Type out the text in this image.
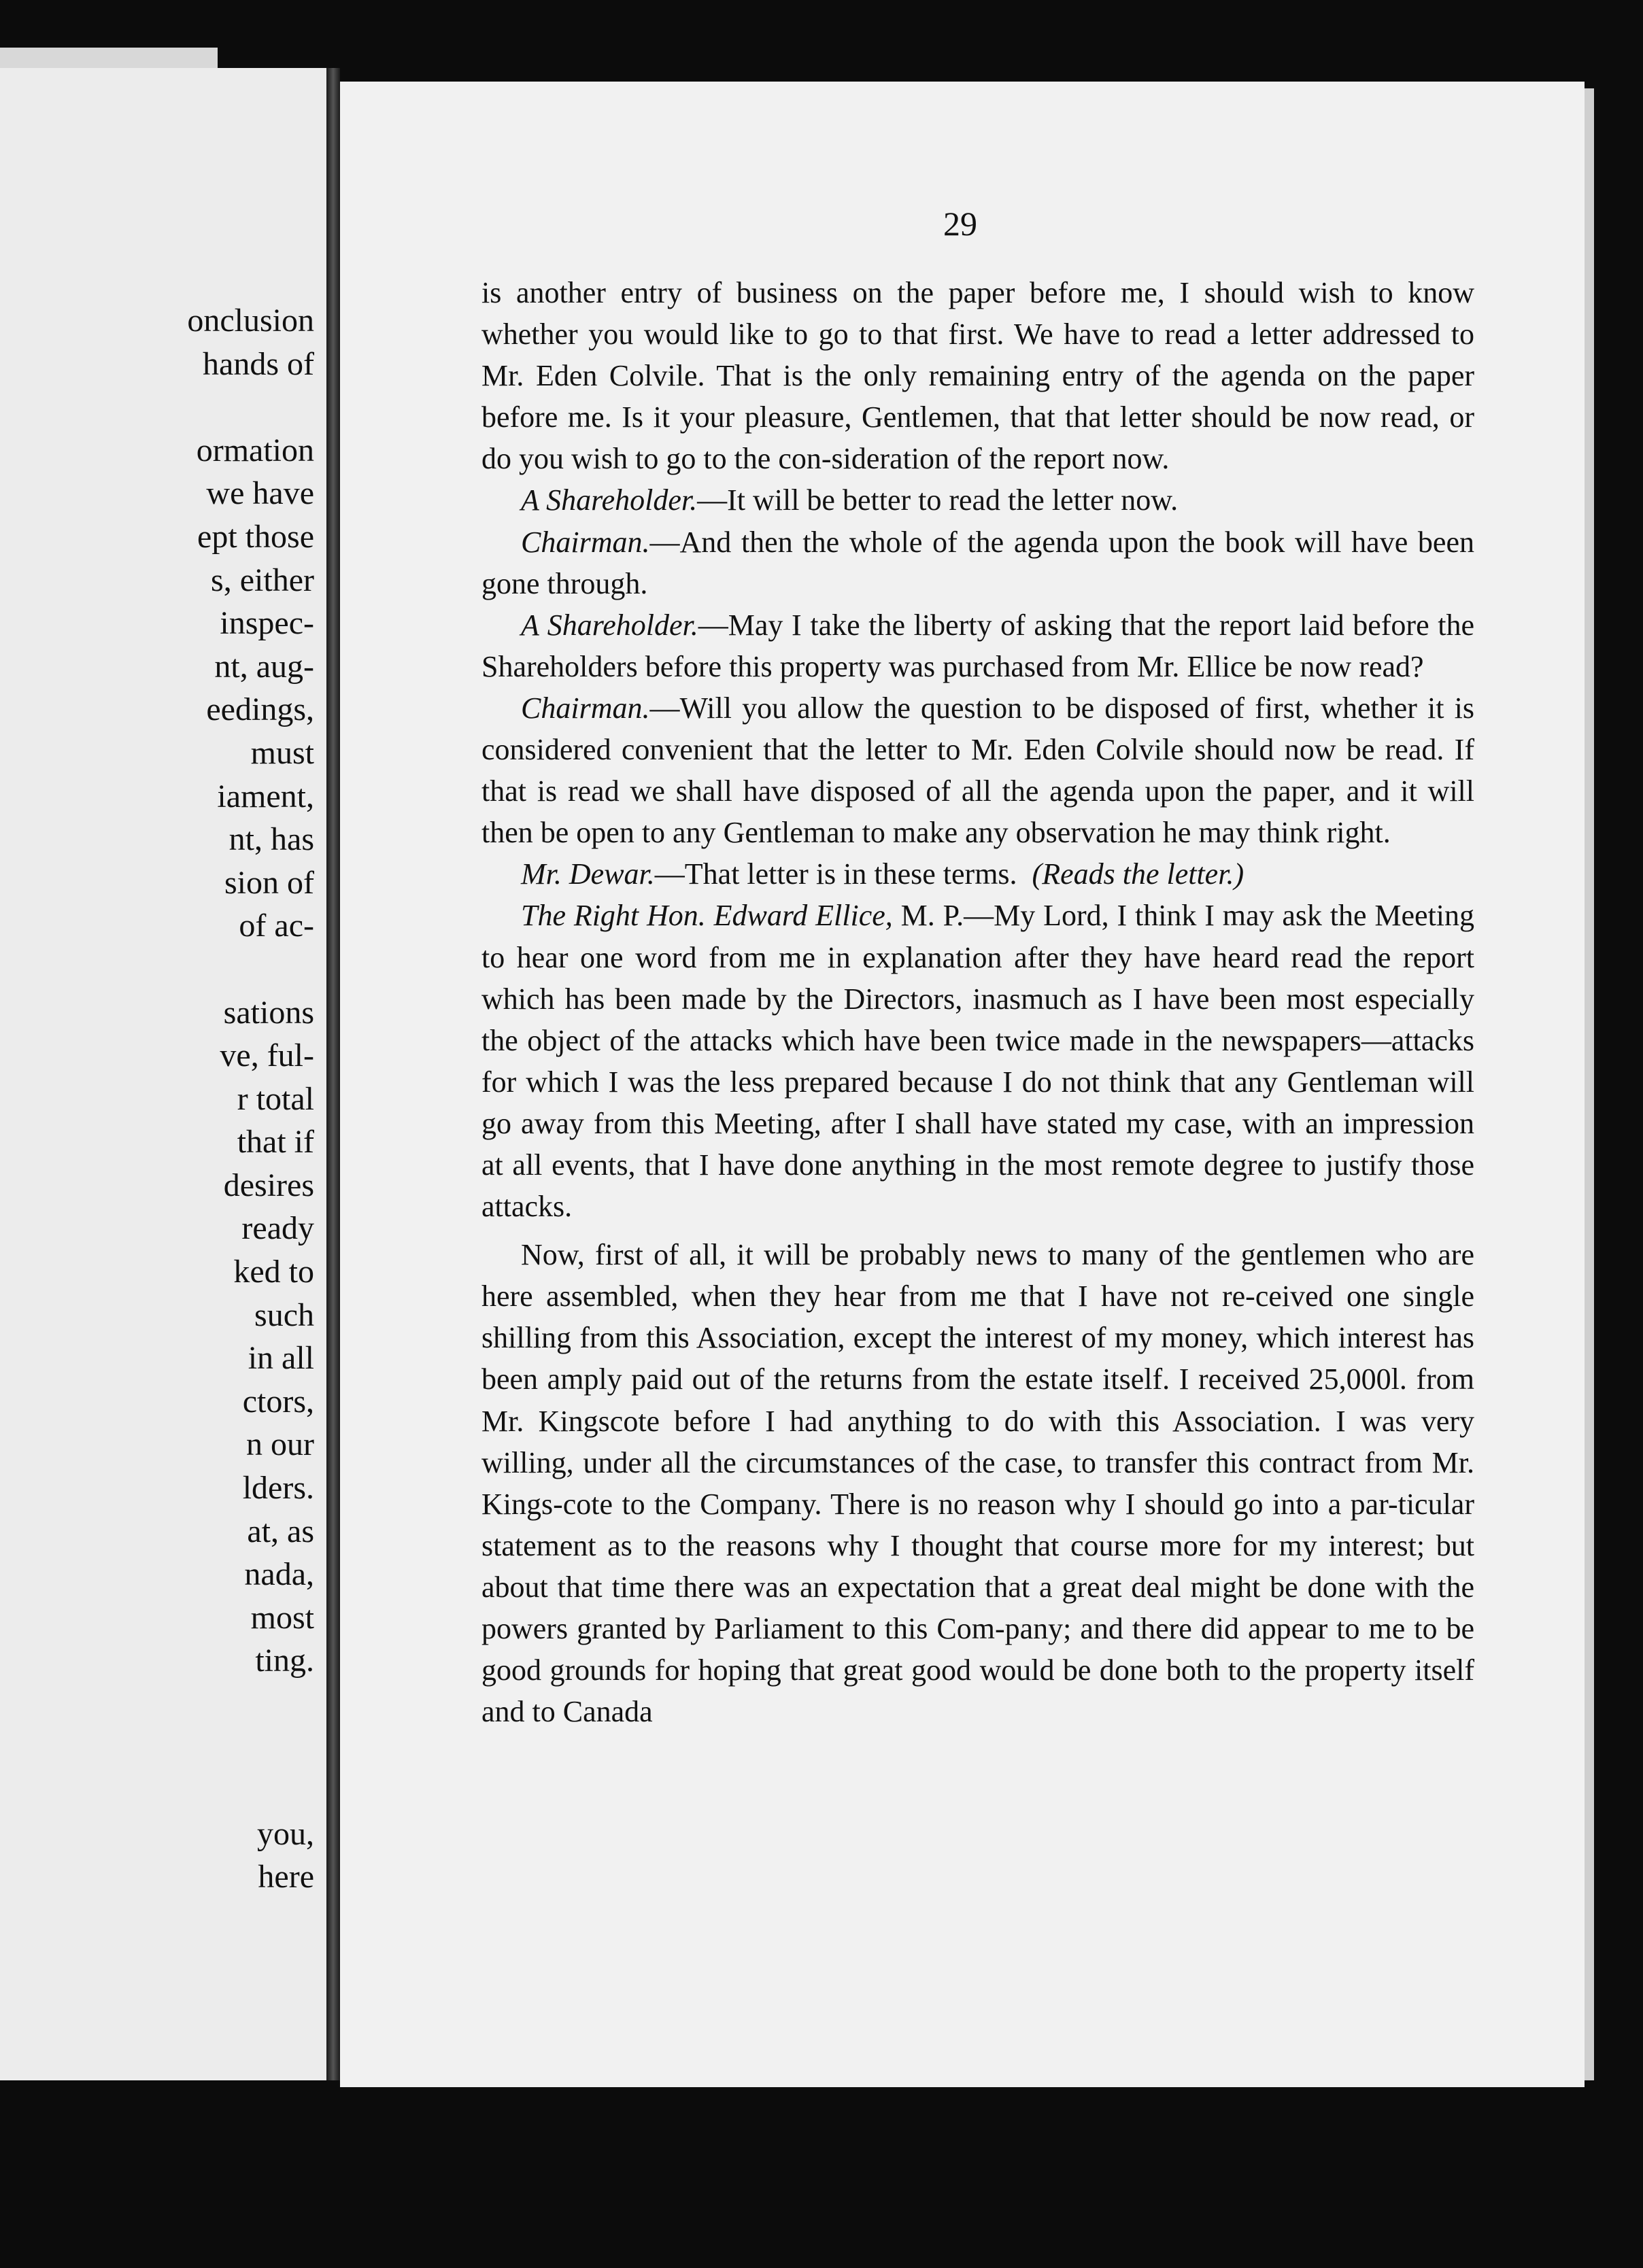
onclusion
hands of

ormation
we have
ept those
s, either
inspec-
nt, aug-
eedings,
must
iament,
nt, has
sion of
of ac-

sations
ve, ful-
r total
that if
desires
ready
ked to
such
in all
ctors,
n our
lders.
at, as
nada,
most
ting.

you,
here
29

is another entry of business on the paper before me, I should wish to know whether you would like to go to that first. We have to read a letter addressed to Mr. Eden Colvile. That is the only remaining entry of the agenda on the paper before me. Is it your pleasure, Gentlemen, that that letter should be now read, or do you wish to go to the con-sideration of the report now.

A Shareholder.—It will be better to read the letter now.

Chairman.—And then the whole of the agenda upon the book will have been gone through.

A Shareholder.—May I take the liberty of asking that the report laid before the Shareholders before this property was purchased from Mr. Ellice be now read?

Chairman.—Will you allow the question to be disposed of first, whether it is considered convenient that the letter to Mr. Eden Colvile should now be read. If that is read we shall have disposed of all the agenda upon the paper, and it will then be open to any Gentleman to make any observation he may think right.

Mr. Dewar.—That letter is in these terms. (Reads the letter.)

The Right Hon. Edward Ellice, M. P.—My Lord, I think I may ask the Meeting to hear one word from me in explanation after they have heard read the report which has been made by the Directors, inasmuch as I have been most especially the object of the attacks which have been twice made in the newspapers—attacks for which I was the less prepared because I do not think that any Gentleman will go away from this Meeting, after I shall have stated my case, with an impression at all events, that I have done anything in the most remote degree to justify those attacks.

Now, first of all, it will be probably news to many of the gentlemen who are here assembled, when they hear from me that I have not re-ceived one single shilling from this Association, except the interest of my money, which interest has been amply paid out of the returns from the estate itself. I received 25,000l. from Mr. Kingscote before I had anything to do with this Association. I was very willing, under all the circumstances of the case, to transfer this contract from Mr. Kings-cote to the Company. There is no reason why I should go into a par-ticular statement as to the reasons why I thought that course more for my interest; but about that time there was an expectation that a great deal might be done with the powers granted by Parliament to this Com-pany; and there did appear to me to be good grounds for hoping that great good would be done both to the property itself and to Canada
